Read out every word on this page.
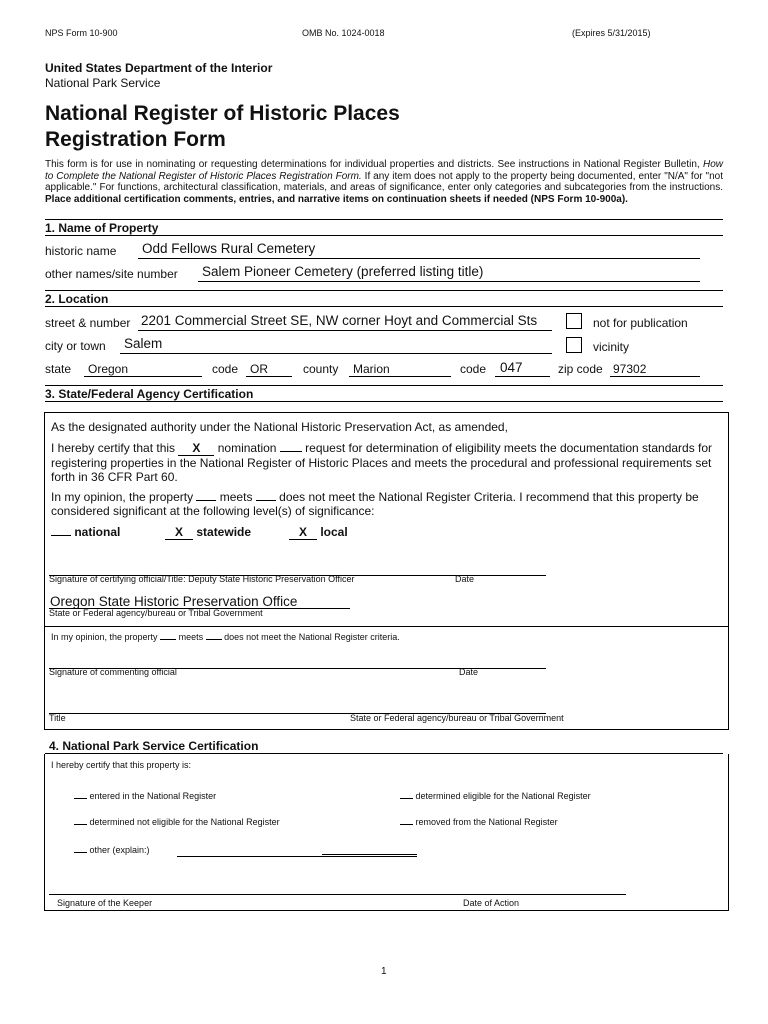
NPS Form 10-900	OMB No. 1024-0018	(Expires 5/31/2015)
United States Department of the Interior
National Park Service
National Register of Historic Places
Registration Form
This form is for use in nominating or requesting determinations for individual properties and districts. See instructions in National Register Bulletin, How to Complete the National Register of Historic Places Registration Form. If any item does not apply to the property being documented, enter "N/A" for "not applicable." For functions, architectural classification, materials, and areas of significance, enter only categories and subcategories from the instructions. Place additional certification comments, entries, and narrative items on continuation sheets if needed (NPS Form 10-900a).
1. Name of Property
historic name Odd Fellows Rural Cemetery
other names/site number Salem Pioneer Cemetery (preferred listing title)
2. Location
street & number 2201 Commercial Street SE, NW corner Hoyt and Commercial Sts	not for publication
city or town Salem	vicinity
state	Oregon	code OR	county	Marion	code	047	zip code 97302
3. State/Federal Agency Certification
As the designated authority under the National Historic Preservation Act, as amended,
I hereby certify that this X nomination request for determination of eligibility meets the documentation standards for registering properties in the National Register of Historic Places and meets the procedural and professional requirements set forth in 36 CFR Part 60.
In my opinion, the property meets does not meet the National Register Criteria. I recommend that this property be considered significant at the following level(s) of significance:
national	X statewide	X local
Signature of certifying official/Title: Deputy State Historic Preservation Officer	Date
Oregon State Historic Preservation Office
State or Federal agency/bureau or Tribal Government
In my opinion, the property meets does not meet the National Register criteria.
Signature of commenting official	Date
Title	State or Federal agency/bureau or Tribal Government
4. National Park Service Certification
I hereby certify that this property is:
entered in the National Register	determined eligible for the National Register
determined not eligible for the National Register	removed from the National Register
other (explain:)
Signature of the Keeper	Date of Action
1
